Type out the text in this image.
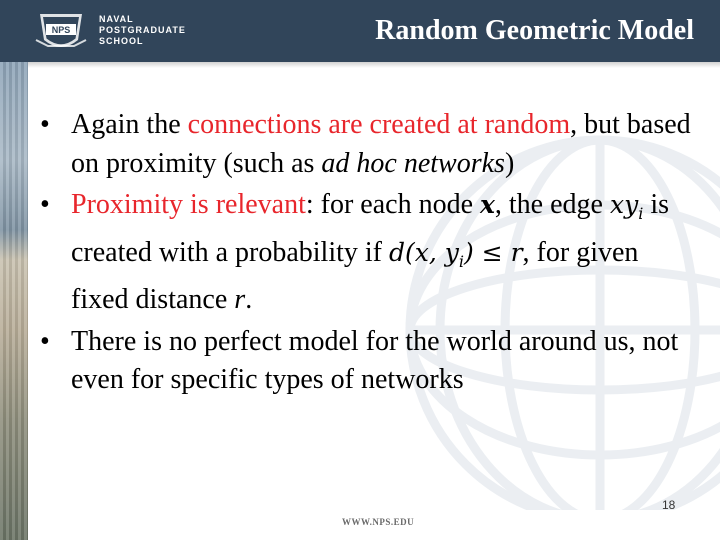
NPS
NAVAL
POSTGRADUATE
SCHOOL	Random Geometric Model

• Again the connections are created at random, but based on proximity (such as ad hoc networks)

• Proximity is relevant: for each node x, the edge $xy_i$ is created with a probability if d(x, $y_i) \le r$, for given fixed distance r.

• There is no perfect model for the world around us, not even for specific types of networks

18
WWW.NPS.EDU
